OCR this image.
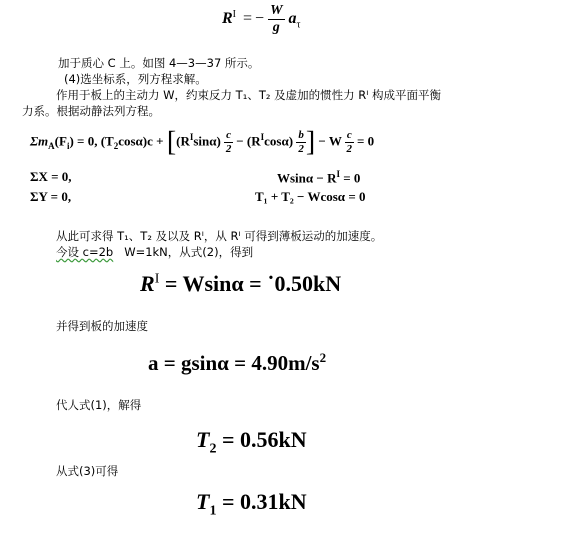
$R^I$ = − $\frac{W}{g} a_\tau$
加于质心 C 上。如图 4—3—37 所示。
(4)选坐标系，列方程求解。
作用于板上的主动力 W，约束反力 T₁、T₂ 及虚加的惯性力 Rᴵ 构成平面平衡
力系。根据动静法列方程。
$\Sigma m_A(F_i) = 0$, $(T_2\cos\alpha)c + [(R^I\sin\alpha) \frac{c}{2} - (R^I\cos\alpha) \frac{b}{2}$ ] − W $\frac{c}{2} = 0$
ΣX = 0,	$Wsin\alpha - R^I = 0$
ΣY = 0,	T₁ + T₂ − Wcosα = 0
从此可求得 T₁、T₂ 及以及 Rᴵ，从 Rᴵ 可得到薄板运动的加速度。
今设 c=2b W=1kN，从式(2)，得到
$R^I = Wsin\alpha$ = ˙0.50kN
并得到板的加速度
$a = gsin\alpha = 4.90m/s^2$
代人式(1)，解得
$T_2 = 0.56kN$
从式(3)可得
$T_1 = 0.31kN$
